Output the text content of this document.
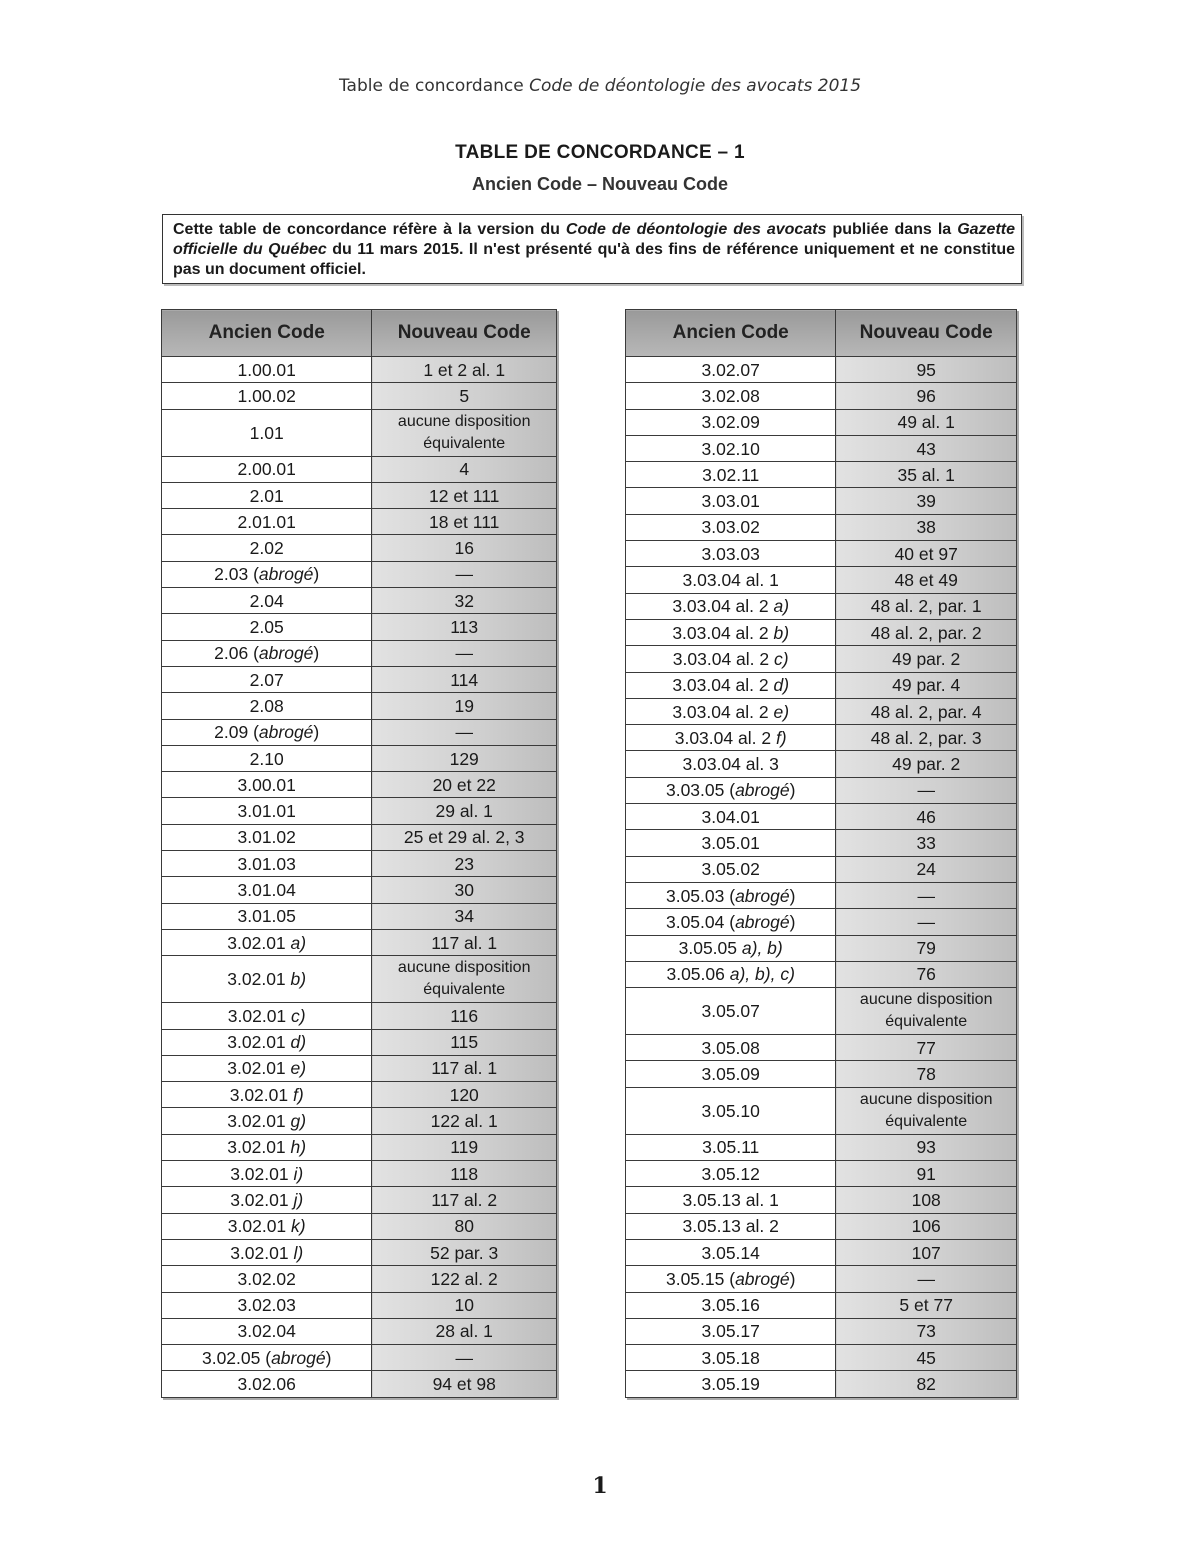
Table de concordance Code de déontologie des avocats 2015
TABLE DE CONCORDANCE – 1
Ancien Code – Nouveau Code
Cette table de concordance réfère à la version du Code de déontologie des avocats publiée dans la Gazette officielle du Québec du 11 mars 2015. Il n'est présenté qu'à des fins de référence uniquement et ne constitue pas un document officiel.
Ancien Code	Nouveau Code
1.00.01	1 et 2 al. 1
1.00.02	5
1.01	aucune disposition équivalente
2.00.01	4
2.01	12 et 111
2.01.01	18 et 111
2.02	16
2.03 (abrogé)	—
2.04	32
2.05	113
2.06 (abrogé)	—
2.07	114
2.08	19
2.09 (abrogé)	—
2.10	129
3.00.01	20 et 22
3.01.01	29 al. 1
3.01.02	25 et 29 al. 2, 3
3.01.03	23
3.01.04	30
3.01.05	34
3.02.01 a)	117 al. 1
3.02.01 b)	aucune disposition équivalente
3.02.01 c)	116
3.02.01 d)	115
3.02.01 e)	117 al. 1
3.02.01 f)	120
3.02.01 g)	122 al. 1
3.02.01 h)	119
3.02.01 i)	118
3.02.01 j)	117 al. 2
3.02.01 k)	80
3.02.01 l)	52 par. 3
3.02.02	122 al. 2
3.02.03	10
3.02.04	28 al. 1
3.02.05 (abrogé)	—
3.02.06	94 et 98
Ancien Code	Nouveau Code
3.02.07	95
3.02.08	96
3.02.09	49 al. 1
3.02.10	43
3.02.11	35 al. 1
3.03.01	39
3.03.02	38
3.03.03	40 et 97
3.03.04 al. 1	48 et 49
3.03.04 al. 2 a)	48 al. 2, par. 1
3.03.04 al. 2 b)	48 al. 2, par. 2
3.03.04 al. 2 c)	49 par. 2
3.03.04 al. 2 d)	49 par. 4
3.03.04 al. 2 e)	48 al. 2, par. 4
3.03.04 al. 2 f)	48 al. 2, par. 3
3.03.04 al. 3	49 par. 2
3.03.05 (abrogé)	—
3.04.01	46
3.05.01	33
3.05.02	24
3.05.03 (abrogé)	—
3.05.04 (abrogé)	—
3.05.05 a), b)	79
3.05.06 a), b), c)	76
3.05.07	aucune disposition équivalente
3.05.08	77
3.05.09	78
3.05.10	aucune disposition équivalente
3.05.11	93
3.05.12	91
3.05.13 al. 1	108
3.05.13 al. 2	106
3.05.14	107
3.05.15 (abrogé)	—
3.05.16	5 et 77
3.05.17	73
3.05.18	45
3.05.19	82
1
